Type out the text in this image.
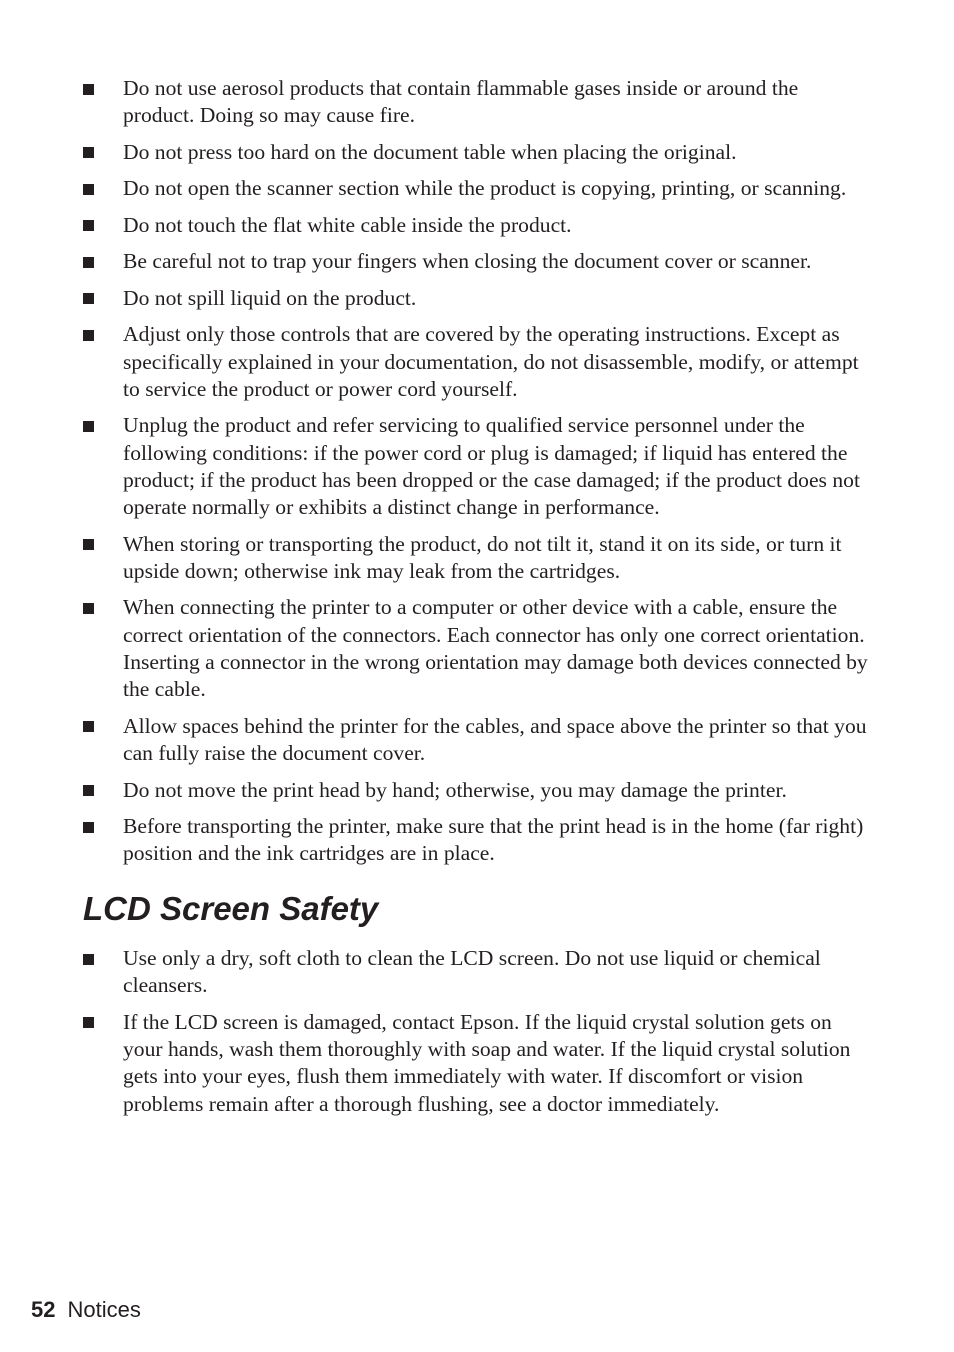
Do not use aerosol products that contain flammable gases inside or around the product. Doing so may cause fire.
Do not press too hard on the document table when placing the original.
Do not open the scanner section while the product is copying, printing, or scanning.
Do not touch the flat white cable inside the product.
Be careful not to trap your fingers when closing the document cover or scanner.
Do not spill liquid on the product.
Adjust only those controls that are covered by the operating instructions. Except as specifically explained in your documentation, do not disassemble, modify, or attempt to service the product or power cord yourself.
Unplug the product and refer servicing to qualified service personnel under the following conditions: if the power cord or plug is damaged; if liquid has entered the product; if the product has been dropped or the case damaged; if the product does not operate normally or exhibits a distinct change in performance.
When storing or transporting the product, do not tilt it, stand it on its side, or turn it upside down; otherwise ink may leak from the cartridges.
When connecting the printer to a computer or other device with a cable, ensure the correct orientation of the connectors. Each connector has only one correct orientation. Inserting a connector in the wrong orientation may damage both devices connected by the cable.
Allow spaces behind the printer for the cables, and space above the printer so that you can fully raise the document cover.
Do not move the print head by hand; otherwise, you may damage the printer.
Before transporting the printer, make sure that the print head is in the home (far right) position and the ink cartridges are in place.
LCD Screen Safety
Use only a dry, soft cloth to clean the LCD screen. Do not use liquid or chemical cleansers.
If the LCD screen is damaged, contact Epson. If the liquid crystal solution gets on your hands, wash them thoroughly with soap and water. If the liquid crystal solution gets into your eyes, flush them immediately with water. If discomfort or vision problems remain after a thorough flushing, see a doctor immediately.
52 Notices
